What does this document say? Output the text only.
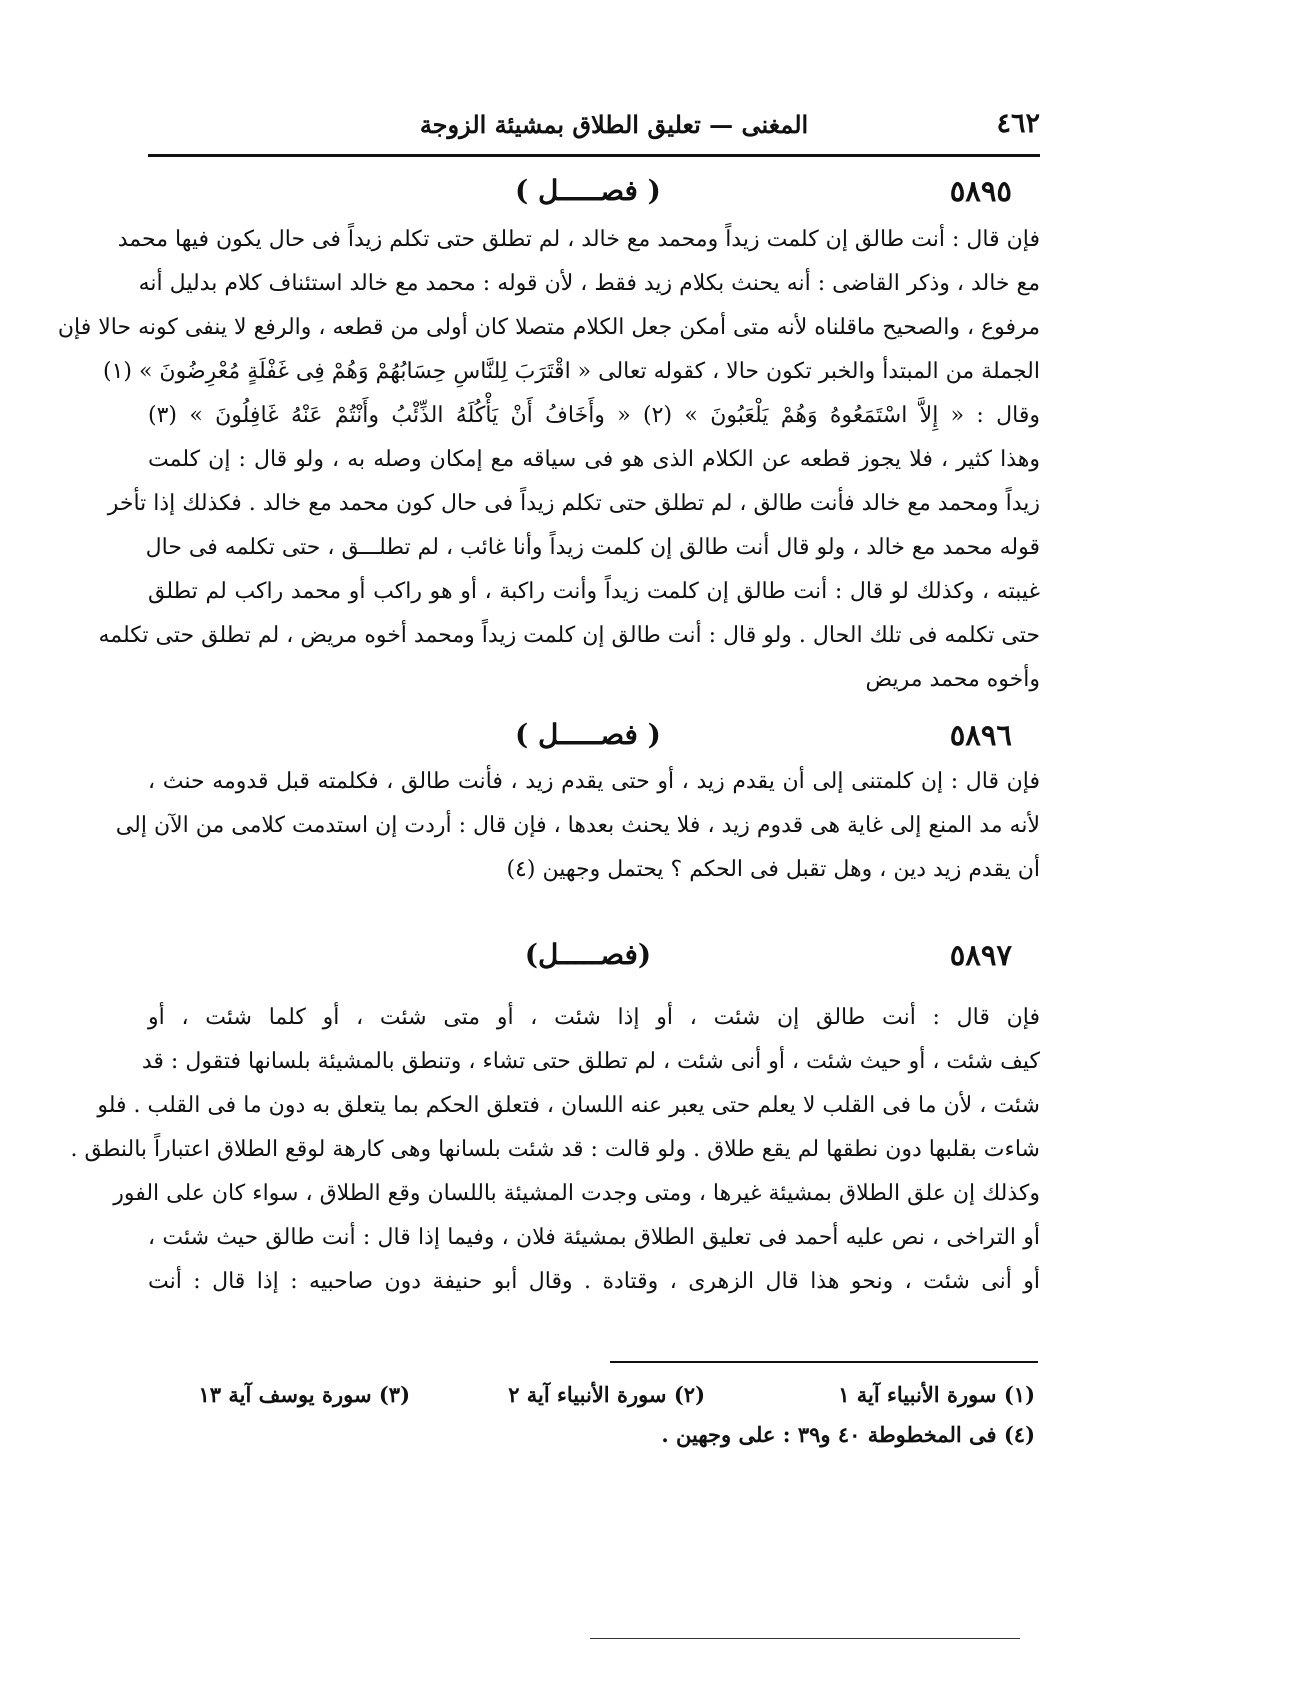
٤٦٢
المغنى — تعليق الطلاق بمشيئة الزوجة
٥٨٩٥
( فصـــــل )
فإن قال : أنت طالق إن كلمت زيداً ومحمد مع خالد ، لم تطلق حتى تكلم زيداً فى حال يكون فيها محمد
مع خالد ، وذكر القاضى : أنه يحنث بكلام زيد فقط ، لأن قوله : محمد مع خالد استئناف كلام بدليل أنه
مرفوع ، والصحيح ماقلناه لأنه متى أمكن جعل الكلام متصلا كان أولى من قطعه ، والرفع لا ينفى كونه حالا فإن
الجملة من المبتدأ والخبر تكون حالا ، كقوله تعالى « اقْتَرَبَ لِلنَّاسِ حِسَابُهُمْ وَهُمْ فِى غَفْلَةٍ مُعْرِضُونَ » (١)
وقال : « إِلاَّ اسْتَمَعُوهُ وَهُمْ يَلْعَبُونَ » (٢) « وأَخَافُ أَنْ يَأْكُلَهُ الذِّئْبُ وأَنْتُمْ عَنْهُ غَافِلُونَ » (٣)
وهذا كثير ، فلا يجوز قطعه عن الكلام الذى هو فى سياقه مع إمكان وصله به ، ولو قال : إن كلمت
زيداً ومحمد مع خالد فأنت طالق ، لم تطلق حتى تكلم زيداً فى حال كون محمد مع خالد . فكذلك إذا تأخر
قوله محمد مع خالد ، ولو قال أنت طالق إن كلمت زيداً وأنا غائب ، لم تطلـــق ، حتى تكلمه فى حال
غيبته ، وكذلك لو قال : أنت طالق إن كلمت زيداً وأنت راكبة ، أو هو راكب أو محمد راكب لم تطلق
حتى تكلمه فى تلك الحال . ولو قال : أنت طالق إن كلمت زيداً ومحمد أخوه مريض ، لم تطلق حتى تكلمه
وأخوه محمد مريض
٥٨٩٦
( فصـــــل )
فإن قال : إن كلمتنى إلى أن يقدم زيد ، أو حتى يقدم زيد ، فأنت طالق ، فكلمته قبل قدومه حنث ،
لأنه مد المنع إلى غاية هى قدوم زيد ، فلا يحنث بعدها ، فإن قال : أردت إن استدمت كلامى من الآن إلى
أن يقدم زيد دين ، وهل تقبل فى الحكم ؟ يحتمل وجهين (٤)
٥٨٩٧
(فصـــــل)
فإن قال : أنت طالق إن شئت ، أو إذا شئت ، أو متى شئت ، أو كلما شئت ، أو
كيف شئت ، أو حيث شئت ، أو أنى شئت ، لم تطلق حتى تشاء ، وتنطق بالمشيئة بلسانها فتقول : قد
شئت ، لأن ما فى القلب لا يعلم حتى يعبر عنه اللسان ، فتعلق الحكم بما يتعلق به دون ما فى القلب . فلو
شاءت بقلبها دون نطقها لم يقع طلاق . ولو قالت : قد شئت بلسانها وهى كارهة لوقع الطلاق اعتباراً بالنطق .
وكذلك إن علق الطلاق بمشيئة غيرها ، ومتى وجدت المشيئة باللسان وقع الطلاق ، سواء كان على الفور
أو التراخى ، نص عليه أحمد فى تعليق الطلاق بمشيئة فلان ، وفيما إذا قال : أنت طالق حيث شئت ،
أو أنى شئت ، ونحو هذا قال الزهرى ، وقتادة . وقال أبو حنيفة دون صاحبيه : إذا قال : أنت
(١) سورة الأنبياء آية ١
(٢) سورة الأنبياء آية ٢
(٣) سورة يوسف آية ١٣
(٤) فى المخطوطة ٤٠ و٣٩ : على وجهين .
